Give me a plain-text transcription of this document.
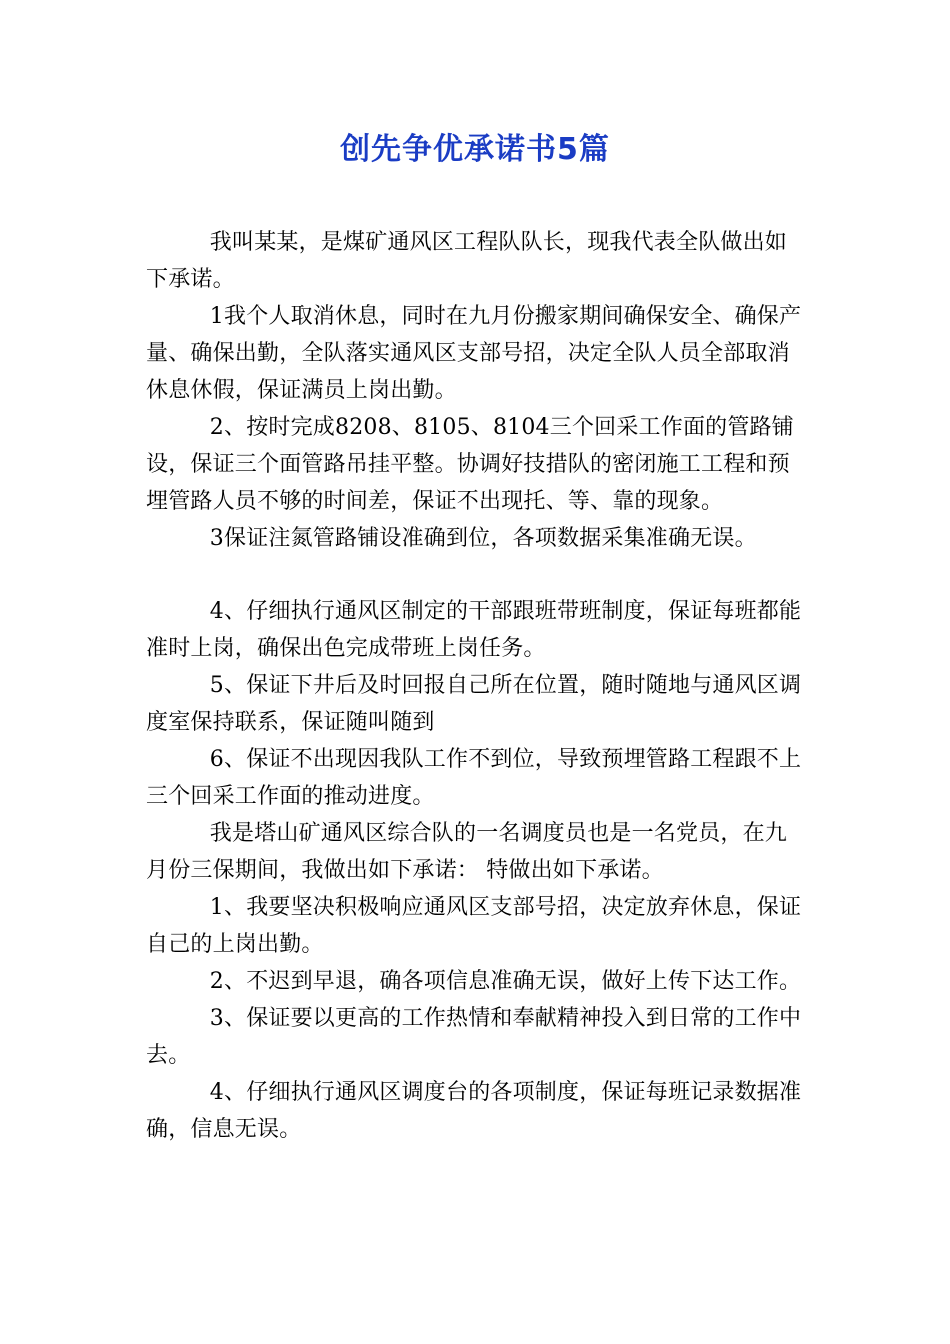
创先争优承诺书5篇

我叫某某，是煤矿通风区工程队队长，现我代表全队做出如下承诺。

1我个人取消休息，同时在九月份搬家期间确保安全、确保产量、确保出勤，全队落实通风区支部号招，决定全队人员全部取消休息休假，保证满员上岗出勤。

2、按时完成8208、8105、8104三个回采工作面的管路铺设，保证三个面管路吊挂平整。协调好技措队的密闭施工工程和预埋管路人员不够的时间差，保证不出现托、等、靠的现象。

3保证注氮管路铺设准确到位，各项数据采集准确无误。

4、仔细执行通风区制定的干部跟班带班制度，保证每班都能准时上岗，确保出色完成带班上岗任务。

5、保证下井后及时回报自己所在位置，随时随地与通风区调度室保持联系，保证随叫随到

6、保证不出现因我队工作不到位，导致预埋管路工程跟不上三个回采工作面的推动进度。

我是塔山矿通风区综合队的一名调度员也是一名党员，在九月份三保期间，我做出如下承诺： 特做出如下承诺。

1、我要坚决积极响应通风区支部号招，决定放弃休息，保证自己的上岗出勤。

2、不迟到早退，确各项信息准确无误，做好上传下达工作。

3、保证要以更高的工作热情和奉献精神投入到日常的工作中去。

4、仔细执行通风区调度台的各项制度，保证每班记录数据准确，信息无误。
